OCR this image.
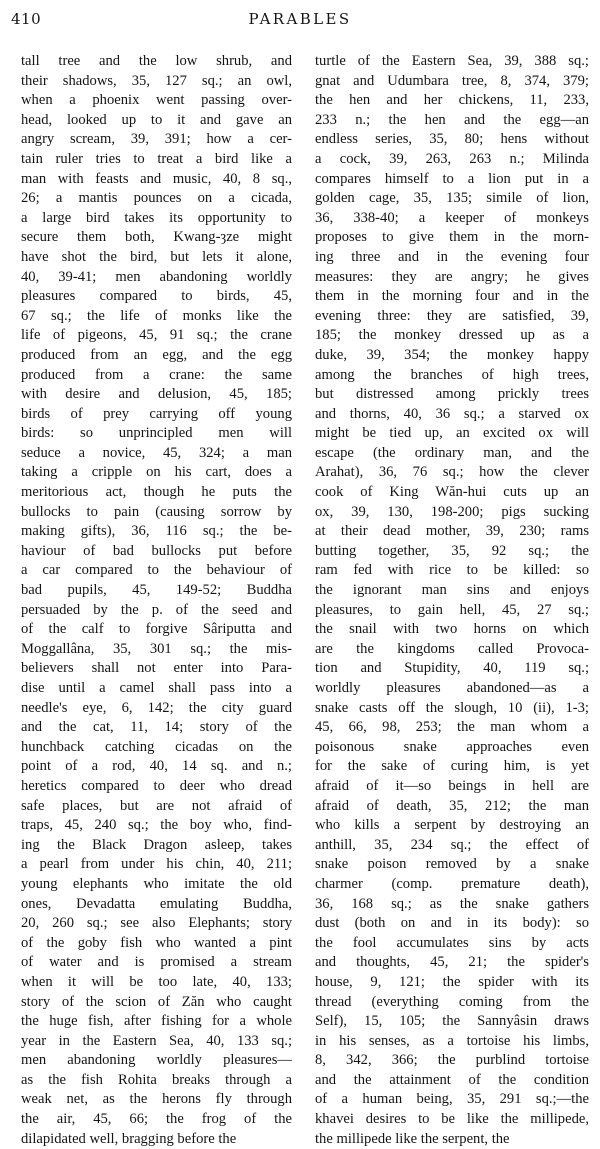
410	PARABLES
tall tree and the low shrub, and
their shadows, 35, 127 sq.; an owl,
when a phoenix went passing over-
head, looked up to it and gave an
angry scream, 39, 391; how a cer-
tain ruler tries to treat a bird like a
man with feasts and music, 40, 8 sq.,
26; a mantis pounces on a cicada,
a large bird takes its opportunity to
secure them both, Kwang-ȝze might
have shot the bird, but lets it alone,
40, 39-41; men abandoning worldly
pleasures compared to birds, 45,
67 sq.; the life of monks like the
life of pigeons, 45, 91 sq.; the crane
produced from an egg, and the egg
produced from a crane: the same
with desire and delusion, 45, 185;
birds of prey carrying off young
birds: so unprincipled men will
seduce a novice, 45, 324; a man
taking a cripple on his cart, does a
meritorious act, though he puts the
bullocks to pain (causing sorrow by
making gifts), 36, 116 sq.; the be-
haviour of bad bullocks put before
a car compared to the behaviour of
bad pupils, 45, 149-52; Buddha
persuaded by the p. of the seed and
of the calf to forgive Sâriputta and
Moggallâna, 35, 301 sq.; the mis-
believers shall not enter into Para-
dise until a camel shall pass into a
needle's eye, 6, 142; the city guard
and the cat, 11, 14; story of the
hunchback catching cicadas on the
point of a rod, 40, 14 sq. and n.;
heretics compared to deer who dread
safe places, but are not afraid of
traps, 45, 240 sq.; the boy who, find-
ing the Black Dragon asleep, takes
a pearl from under his chin, 40, 211;
young elephants who imitate the old
ones, Devadatta emulating Buddha,
20, 260 sq.; see also Elephants; story
of the goby fish who wanted a pint
of water and is promised a stream
when it will be too late, 40, 133;
story of the scion of Zăn who caught
the huge fish, after fishing for a whole
year in the Eastern Sea, 40, 133 sq.;
men abandoning worldly pleasures—
as the fish Rohita breaks through a
weak net, as the herons fly through
the air, 45, 66; the frog of the
dilapidated well, bragging before the
turtle of the Eastern Sea, 39, 388 sq.;
gnat and Udumbara tree, 8, 374, 379;
the hen and her chickens, 11, 233,
233 n.; the hen and the egg—an
endless series, 35, 80; hens without
a cock, 39, 263, 263 n.; Milinda
compares himself to a lion put in a
golden cage, 35, 135; simile of lion,
36, 338-40; a keeper of monkeys
proposes to give them in the morn-
ing three and in the evening four
measures: they are angry; he gives
them in the morning four and in the
evening three: they are satisfied, 39,
185; the monkey dressed up as a
duke, 39, 354; the monkey happy
among the branches of high trees,
but distressed among prickly trees
and thorns, 40, 36 sq.; a starved ox
might be tied up, an excited ox will
escape (the ordinary man, and the
Arahat), 36, 76 sq.; how the clever
cook of King Wăn-hui cuts up an
ox, 39, 130, 198-200; pigs sucking
at their dead mother, 39, 230; rams
butting together, 35, 92 sq.; the
ram fed with rice to be killed: so
the ignorant man sins and enjoys
pleasures, to gain hell, 45, 27 sq.;
the snail with two horns on which
are the kingdoms called Provoca-
tion and Stupidity, 40, 119 sq.;
worldly pleasures abandoned—as a
snake casts off the slough, 10 (ii), 1-3;
45, 66, 98, 253; the man whom a
poisonous snake approaches even
for the sake of curing him, is yet
afraid of it—so beings in hell are
afraid of death, 35, 212; the man
who kills a serpent by destroying an
anthill, 35, 234 sq.; the effect of
snake poison removed by a snake
charmer (comp. premature death),
36, 168 sq.; as the snake gathers
dust (both on and in its body): so
the fool accumulates sins by acts
and thoughts, 45, 21; the spider's
house, 9, 121; the spider with its
thread (everything coming from the
Self), 15, 105; the Sannyâsin draws
in his senses, as a tortoise his limbs,
8, 342, 366; the purblind tortoise
and the attainment of the condition
of a human being, 35, 291 sq.;—the
khavei desires to be like the millipede,
the millipede like the serpent, the
